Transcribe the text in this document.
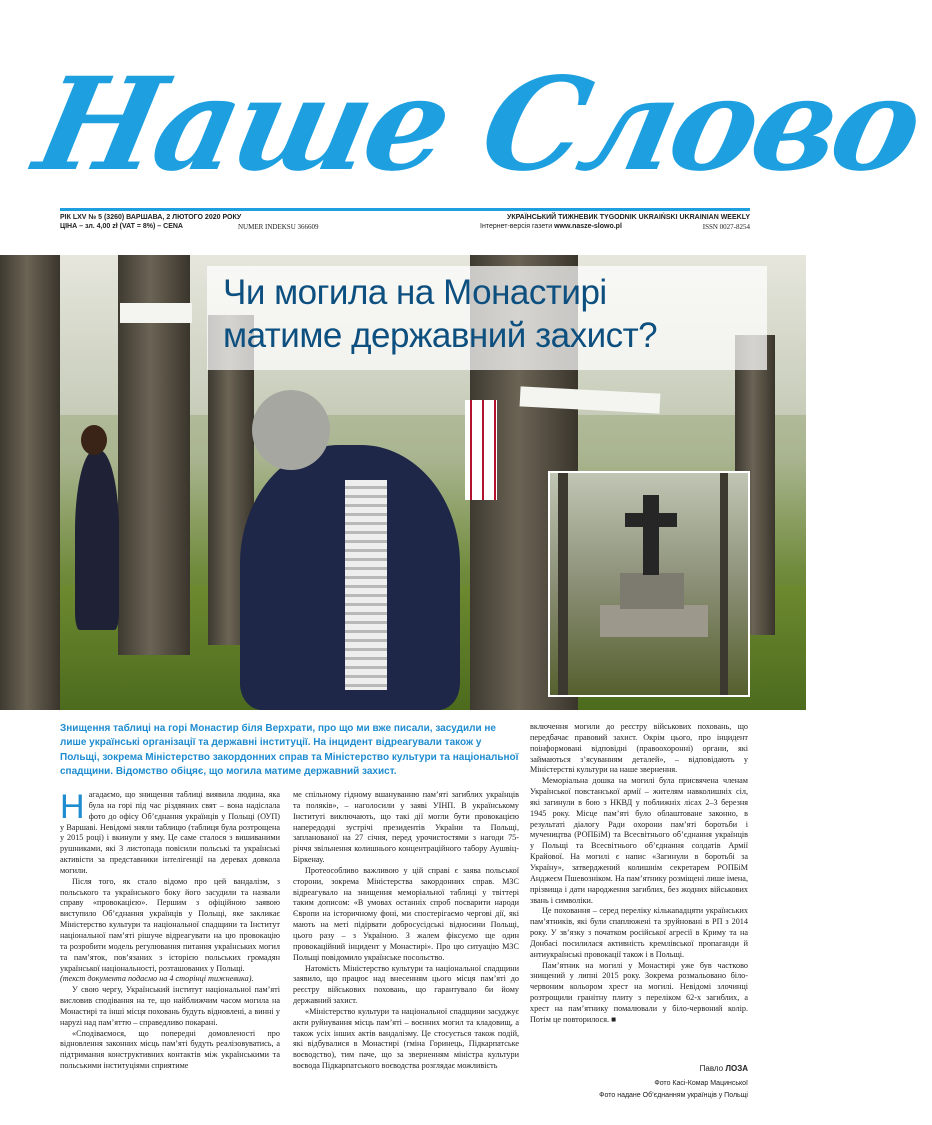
Наше Слово
РІК LXV № 5 (3260) ВАРШАВА, 2 ЛЮТОГО 2020 РОКУ
ЦІНА – зл. 4,00 zł (VAT = 8%) – CENA	NUMER INDEKSU 366609
УКРАЇНСЬКИЙ ТИЖНЕВИК TYGODNIK UKRAIŃSKI UKRAINIAN WEEKLY
Інтернет-версія газети www.nasze-slowo.pl	ISSN 0027-8254
Чи могила на Монастирі
матиме державний захист?
Знищення таблиці на горі Монастир біля Верхрати, про що ми вже писали, засудили не лише українські організації та державні інституції. На інцидент відреагували також у Польщі, зокрема Міністерство закордонних справ та Міністерство культури та національної спадщини. Відомство обіцяє, що могила матиме державний захист.

Нагадаємо, що знищення таблиці виявила людина, яка була на горі під час різдвяних свят – вона надіслала фото до офісу Об’єднання українців у Польщі (ОУП) у Варшаві. Невідомі зняли таблицю (таблиця була розтрощена у 2015 році) і вкинули у яму. Це саме сталося з вишиваними рушниками, які 3 листопада повісили польські та українські активісти за представники інтелігенції на деревах довкола могили.

Після того, як стало відомо про цей вандалізм, з польського та українського боку його засудили та назвали справу «провокацією». Першим з офіційною заявою виступило Об’єднання українців у Польщі, яке закликає Міністерство культури та національної спадщини та Інститут національної пам’яті рішуче відреагувати на цю провокацію та розробити модель регулювання питання українських могил та пам’яток, пов’язаних з історією польських громадян української національності, розташованих у Польщі.

(текст документа подаємо на 4 сторінці тижневика).

У свою чергу, Український інститут національної пам’яті висловив сподівання на те, що найближчим часом могила на Монастирі та інші місця поховань будуть відновлені, а винні у наруzi над пам’яттю – справедливо покарані.

«Сподіваємося, що попередні домовленості про відновлення законних місць пам’яті будуть реалізовуватись, а підтримання конструктивних контактів між українськими та польськими інституціями сприятиме

ме спільному гідному вшануванню пам’яті загиблих українців та поляків», – наголосили у заяві УІНП. В українському Інституті виключають, що такі дії могли бути провокацією напередодні зустрічі президентів України та Польщі, запланованої на 27 січня, перед урочистостями з нагоди 75-річчя звільнення колишнього концентраційного табору Аушвіц-Біркенау.

Протеособливо важливою у цій справі є заява польської сторони, зокрема Міністерства закордонних справ. МЗС відреагувало на знищення меморіальної таблиці у твіттері таким дописом: «В умовах останніх спроб посварити народи Європи на історичному фоні, ми спостерігаємо чергові дії, які мають на меті підірвати добросусідські відносини Польщі, цього разу – з Україною. З жалем фіксуємо ще один провокаційний інцидент у Монастирі». Про цю ситуацію МЗС Польщі повідомило українське посольство.

Натомість Міністерство культури та національної спадщини заявило, що працює над внесенням цього місця пам’яті до реєстру військових поховань, що гарантувало би йому державний захист.

«Міністерство культури та національної спадщини засуджує акти руйнування місць пам’яті – воєнних могил та кладовищ, а також усіх інших актів вандалізму. Це стосується також подій, які відбувалися в Монастирі (гміна Горинець, Підкарпатське воєводство), тим паче, що за зверненням міністра культури воєвода Підкарпатського воєводства розглядає можливість

включення могили до реєстру військових поховань, що передбачає правовий захист. Окрім цього, про інцидент поінформовані відповідні (правоохоронні) органи, які займаються з’ясуванням деталей», – відповідають у Міністерстві культури на наше звернення.

Меморіальна дошка на могилі була присвячена членам Української повстанської армії – жителям навколишніх сіл, які загинули в бою з НКВД у поближніх лісах 2–3 березня 1945 року. Місце пам’яті було облаштоване законно, в результаті діалогу Ради охорони пам’яті боротьби і мучеництва (РОПБіМ) та Всесвітнього об’єднання українців у Польщі та Всесвітнього об’єднання солдатів Армії Крайової. На могилі є напис «Загинули в боротьбі за Україну», затверджений колишнім секретарем РОПБіМ Анджеєм Пшевозніком. На пам’ятнику розміщені лише імена, прізвища і дати народження загиблих, без жодних військових звань і символіки.

Це поховання – серед переліку кількаnадцяти українських пам’ятників, які були спаплюжені та зруйновані в РП з 2014 року. У зв’язку з початком російської агресії в Криму та на Донбасі посилилася активність кремлівської пропаганди й антиукраїнські провокації також і в Польщі.

Пам’ятник на могилі у Монастирі уже був частково знищений у липні 2015 року. Зокрема розмальовано біло-червоним кольором хрест на могилі. Невідомі злочинці розтрощили гранітну плиту з переліком 62-х загиблих, а хрест на пам’ятнику помалювали у біло-червоний колір. Потім це повторилося. ■

Павло ЛОЗА
Фото Касі-Комар Мацинської
Фото надане Об’єднанням українців у Польщі
